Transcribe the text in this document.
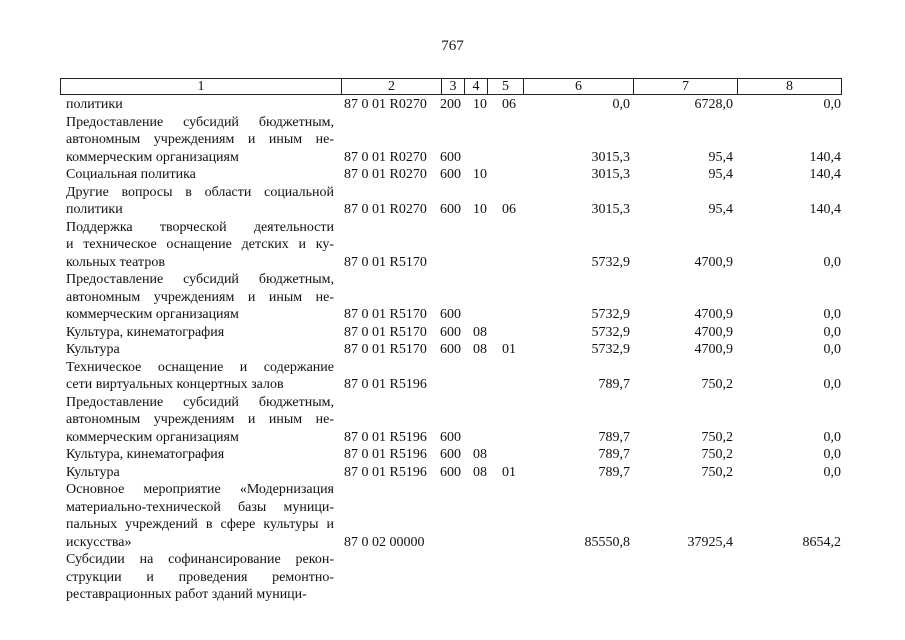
767
1	2	3	4	5	6	7	8
политики	87 0 01 R0270 200 10 06	0,0	6728,0	0,0
Предоставление субсидий бюджетным,
автономным учреждениям и иным не-
коммерческим организациям	87 0 01 R0270 600	3015,3	95,4	140,4
Социальная политика	87 0 01 R0270 600 10	3015,3	95,4	140,4
Другие вопросы в области социальной
политики	87 0 01 R0270 600 10 06	3015,3	95,4	140,4
Поддержка творческой деятельности
и техническое оснащение детских и ку-
кольных театров	87 0 01 R5170	5732,9	4700,9	0,0
Предоставление субсидий бюджетным,
автономным учреждениям и иным не-
коммерческим организациям	87 0 01 R5170 600	5732,9	4700,9	0,0
Культура, кинематография	87 0 01 R5170 600 08	5732,9	4700,9	0,0
Культура	87 0 01 R5170 600 08 01	5732,9	4700,9	0,0
Техническое оснащение и содержание
сети виртуальных концертных залов	87 0 01 R5196	789,7	750,2	0,0
Предоставление субсидий бюджетным,
автономным учреждениям и иным не-
коммерческим организациям	87 0 01 R5196 600	789,7	750,2	0,0
Культура, кинематография	87 0 01 R5196 600 08	789,7	750,2	0,0
Культура	87 0 01 R5196 600 08 01	789,7	750,2	0,0
Основное мероприятие «Модернизация
материально-технической базы муници-
пальных учреждений в сфере культуры и
искусства»	87 0 02 00000	85550,8	37925,4	8654,2
Субсидии на софинансирование рекон-
струкции и проведения ремонтно-
реставрационных работ зданий муници-
